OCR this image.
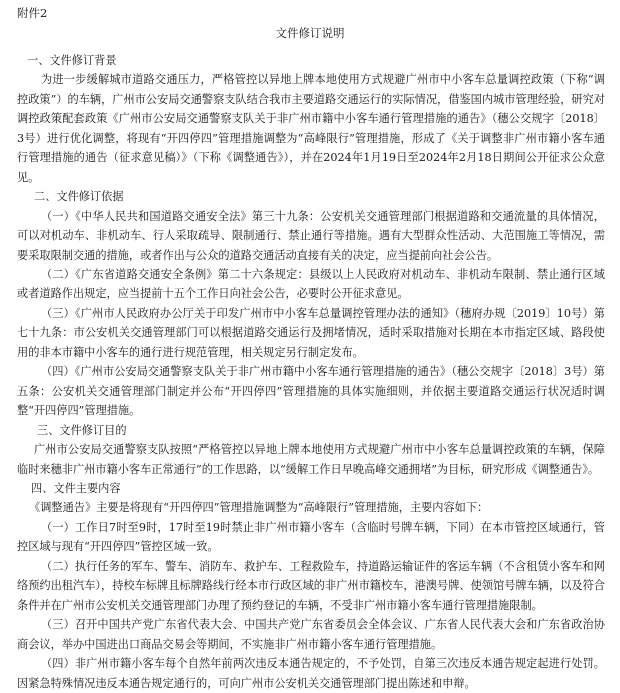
附件2
文件修订说明

一、文件修订背景

为进一步缓解城市道路交通压力，严格管控以异地上牌本地使用方式规避广州市中小客车总量调控政策（下称“调控政策”）的车辆，广州市公安局交通警察支队结合我市主要道路交通运行的实际情况，借鉴国内城市管理经验，研究对调控政策配套政策《广州市公安局交通警察支队关于非广州市籍中小客车通行管理措施的通告》（穗公交规字〔2018〕3号）进行优化调整，将现有“开四停四”管理措施调整为“高峰限行”管理措施，形成了《关于调整非广州市籍小客车通行管理措施的通告（征求意见稿）》（下称《调整通告》），并在2024年1月19日至2024年2月18日期间公开征求公众意见。

二、文件修订依据

（一）《中华人民共和国道路交通安全法》第三十九条：公安机关交通管理部门根据道路和交通流量的具体情况，可以对机动车、非机动车、行人采取疏导、限制通行、禁止通行等措施。遇有大型群众性活动、大范围施工等情况，需要采取限制交通的措施，或者作出与公众的道路交通活动直接有关的决定，应当提前向社会公告。

（二）《广东省道路交通安全条例》第二十六条规定：县级以上人民政府对机动车、非机动车限制、禁止通行区域或者道路作出规定，应当提前十五个工作日向社会公告，必要时公开征求意见。

（三）《广州市人民政府办公厅关于印发广州市中小客车总量调控管理办法的通知》（穗府办规〔2019〕10号）第七十九条：市公安机关交通管理部门可以根据道路交通运行及拥堵情况，适时采取措施对长期在本市指定区域、路段使用的非本市籍中小客车的通行进行规范管理，相关规定另行制定发布。

（四）《广州市公安局交通警察支队关于非广州市籍中小客车通行管理措施的通告》（穗公交规字〔2018〕3号）第五条：公安机关交通管理部门制定并公布“开四停四”管理措施的具体实施细则，并依据主要道路交通运行状况适时调整“开四停四”管理措施。

三、文件修订目的

广州市公安局交通警察支队按照“严格管控以异地上牌本地使用方式规避广州市中小客车总量调控政策的车辆，保障临时来穗非广州市籍小客车正常通行”的工作思路，以“缓解工作日早晚高峰交通拥堵”为目标，研究形成《调整通告》。

四、文件主要内容

《调整通告》主要是将现有“开四停四”管理措施调整为“高峰限行”管理措施，主要内容如下：

（一）工作日7时至9时，17时至19时禁止非广州市籍小客车（含临时号牌车辆，下同）在本市管控区域通行，管控区域与现有“开四停四”管控区域一致。

（二）执行任务的军车、警车、消防车、救护车、工程救险车，持道路运输证件的客运车辆（不含租赁小客车和网络预约出租汽车），持校车标牌且标牌路线行经本市行政区域的非广州市籍校车，港澳号牌、使领馆号牌车辆，以及符合条件并在广州市公安机关交通管理部门办理了预约登记的车辆，不受非广州市籍小客车通行管理措施限制。

（三）召开中国共产党广东省代表大会、中国共产党广东省委员会全体会议、广东省人民代表大会和广东省政治协商会议，举办中国进出口商品交易会等期间，不实施非广州市籍小客车通行管理措施。

（四）非广州市籍小客车每个自然年前两次违反本通告规定的，不予处罚，自第三次违反本通告规定起进行处罚。因紧急特殊情况违反本通告规定通行的，可向广州市公安机关交通管理部门提出陈述和申辩。
